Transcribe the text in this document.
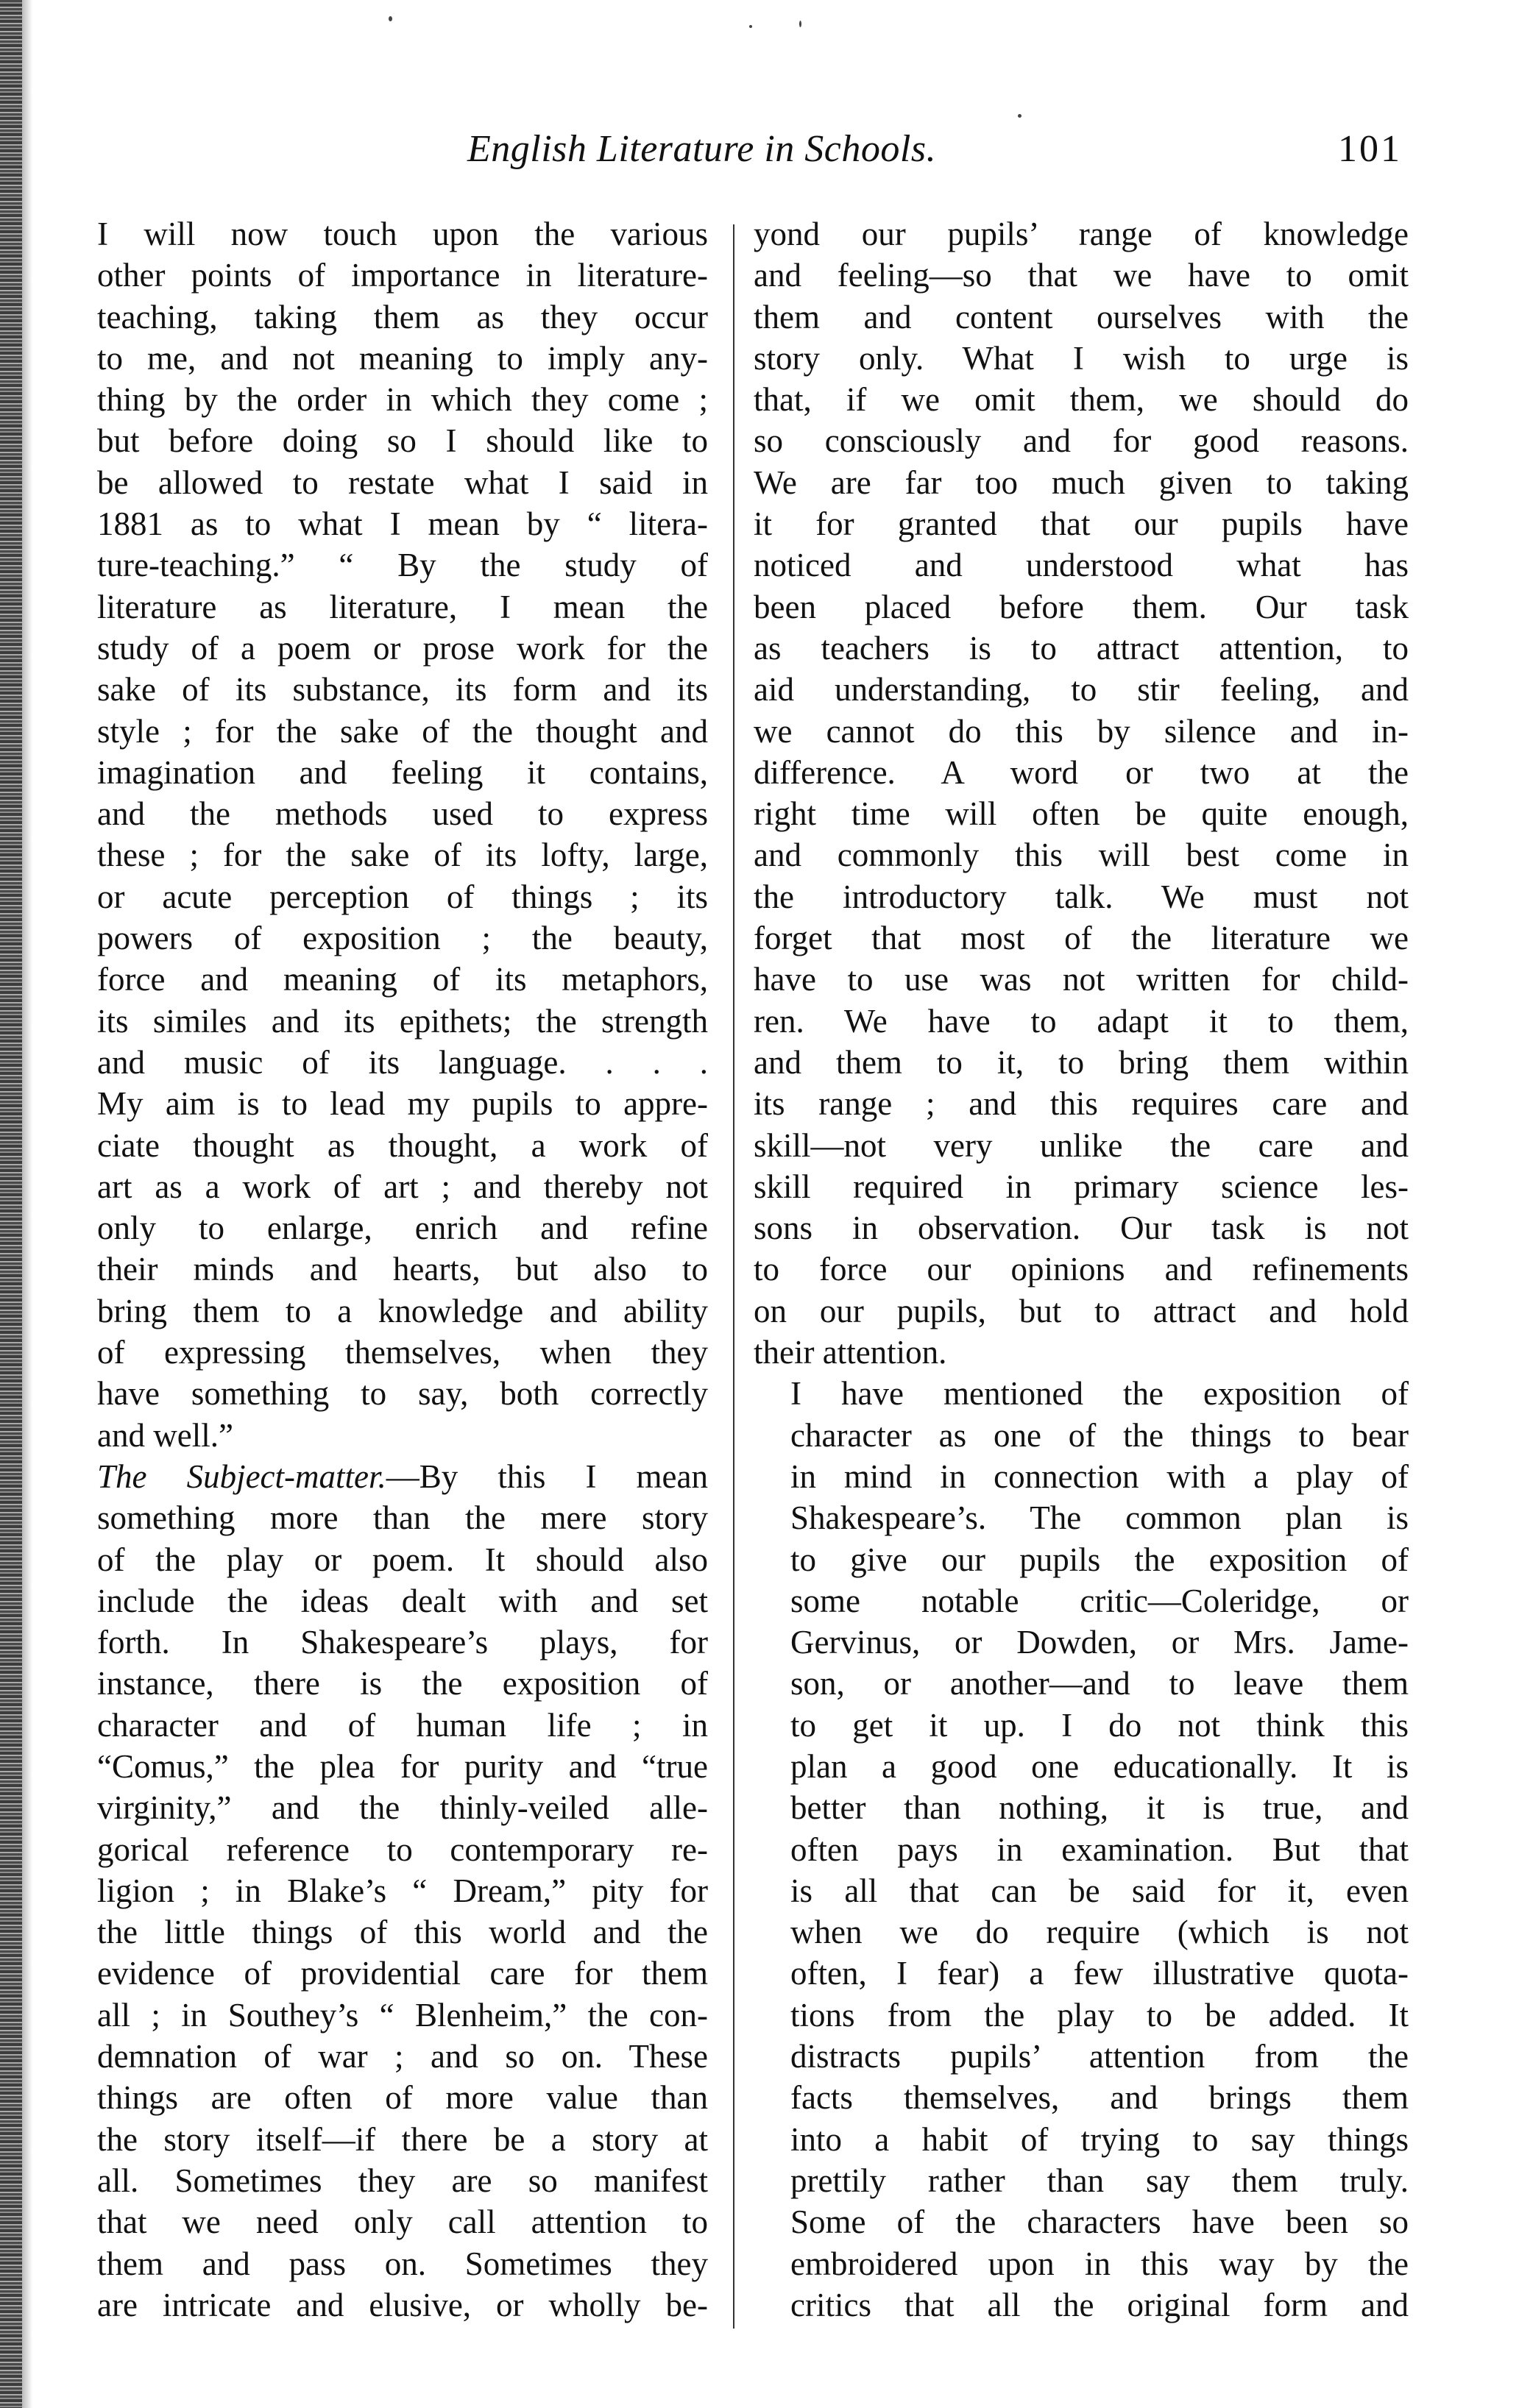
English Literature in Schools.	101

I will now touch upon the various
other points of importance in literature-
teaching, taking them as they occur
to me, and not meaning to imply any-
thing by the order in which they come ;
but before doing so I should like to
be allowed to restate what I said in
1881 as to what I mean by “ litera-
ture-teaching.” “ By the study of
literature as literature, I mean the
study of a poem or prose work for the
sake of its substance, its form and its
style ; for the sake of the thought and
imagination and feeling it contains,
and the methods used to express
these ; for the sake of its lofty, large,
or acute perception of things ; its
powers of exposition ; the beauty,
force and meaning of its metaphors,
its similes and its epithets; the strength
and music of its language. . . .
My aim is to lead my pupils to appre-
ciate thought as thought, a work of
art as a work of art ; and thereby not
only to enlarge, enrich and refine
their minds and hearts, but also to
bring them to a knowledge and ability
of expressing themselves, when they
have something to say, both correctly
and well.”

The Subject-matter.—By this I mean
something more than the mere story
of the play or poem. It should also
include the ideas dealt with and set
forth. In Shakespeare’s plays, for
instance, there is the exposition of
character and of human life ; in
“Comus,” the plea for purity and “true
virginity,” and the thinly-veiled alle-
gorical reference to contemporary re-
ligion ; in Blake’s “ Dream,” pity for
the little things of this world and the
evidence of providential care for them
all ; in Southey’s “ Blenheim,” the con-
demnation of war ; and so on. These
things are often of more value than
the story itself—if there be a story at
all. Sometimes they are so manifest
that we need only call attention to
them and pass on. Sometimes they
are intricate and elusive, or wholly be-

yond our pupils’ range of knowledge
and feeling—so that we have to omit
them and content ourselves with the
story only. What I wish to urge is
that, if we omit them, we should do
so consciously and for good reasons.
We are far too much given to taking
it for granted that our pupils have
noticed and understood what has
been placed before them. Our task
as teachers is to attract attention, to
aid understanding, to stir feeling, and
we cannot do this by silence and in-
difference. A word or two at the
right time will often be quite enough,
and commonly this will best come in
the introductory talk. We must not
forget that most of the literature we
have to use was not written for child-
ren. We have to adapt it to them,
and them to it, to bring them within
its range ; and this requires care and
skill—not very unlike the care and
skill required in primary science les-
sons in observation. Our task is not
to force our opinions and refinements
on our pupils, but to attract and hold
their attention.

I have mentioned the exposition of
character as one of the things to bear
in mind in connection with a play of
Shakespeare’s. The common plan is
to give our pupils the exposition of
some notable critic—Coleridge, or
Gervinus, or Dowden, or Mrs. Jame-
son, or another—and to leave them
to get it up. I do not think this
plan a good one educationally. It is
better than nothing, it is true, and
often pays in examination. But that
is all that can be said for it, even
when we do require (which is not
often, I fear) a few illustrative quota-
tions from the play to be added. It
distracts pupils’ attention from the
facts themselves, and brings them
into a habit of trying to say things
prettily rather than say them truly.
Some of the characters have been so
embroidered upon in this way by the
critics that all the original form and
